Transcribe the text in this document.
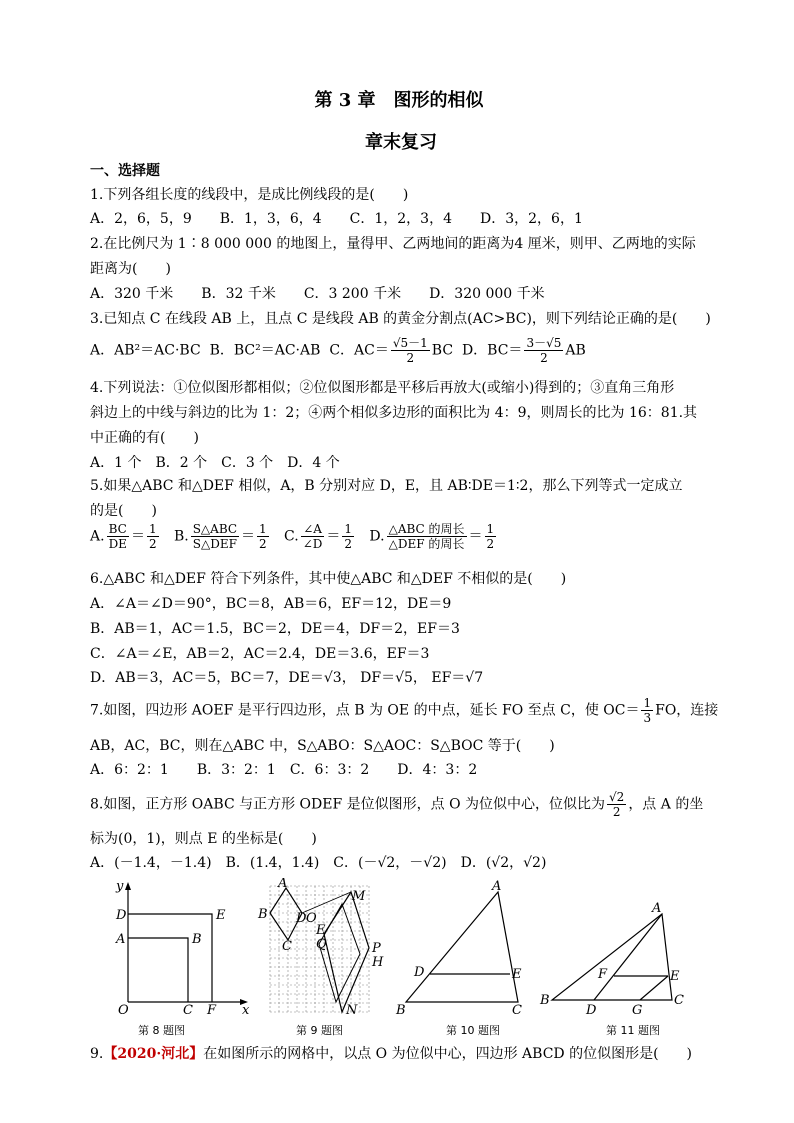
第 3 章　图形的相似
章末复习
一、选择题
1.下列各组长度的线段中，是成比例线段的是(　　)
A．2，6，5，9　　B．1，3，6，4　　C．1，2，3，4　　D．3，2，6，1
2.在比例尺为 1∶8 000 000 的地图上，量得甲、乙两地间的距离为4 厘米，则甲、乙两地的实际
距离为(　　)
A．320 千米　　B．32 千米　　C．3 200 千米　　D．320 000 千米
3.已知点 C 在线段 AB 上，且点 C 是线段 AB 的黄金分割点(AC>BC)，则下列结论正确的是(　　)
A．AB²＝AC·BC B．BC²＝AC·AB C．$AC= \frac{√5-1}{2}$ BC D．$BC= \frac{3-√5}{2}$ AB
4.下列说法：①位似图形都相似；②位似图形都是平移后再放大(或缩小)得到的；③直角三角形
斜边上的中线与斜边的比为 1：2；④两个相似多边形的面积比为 4：9，则周长的比为 16：81.其
中正确的有(　　)
A．1 个　B．2 个　C．3 个　D．4 个
5.如果△ABC 和△DEF 相似，A，B 分别对应 D，E，且 AB∶DE＝1∶2，那么下列等式一定成立
的是(　　)
A. $\frac{BC}{DE} = \frac{1}{2} B$. $\frac{\text{S△ABC}}{\text{S△DEF}} = \frac{1}{2} C$. $\frac{\angle A}{\angle D} = \frac{1}{2} D$. $\frac{\text{△ABC 的周长}}{\text{△DEF 的周长}} = \frac{1}{2}$
6.△ABC 和△DEF 符合下列条件，其中使△ABC 和△DEF 不相似的是(　　)
A．∠A＝∠D＝90°，BC＝8，AB＝6，EF＝12，DE＝9
B．AB＝1，AC＝1.5，BC＝2，DE＝4，DF＝2，EF＝3
C．∠A＝∠E，AB＝2，AC＝2.4，DE＝3.6，EF＝3
D．AB＝3，AC＝5，BC＝7，DE＝√3， DF＝√5， EF＝√7
7.如图，四边形 AOEF 是平行四边形，点 B 为 OE 的中点，延长 FO 至点 C，使 $OC= \frac{1}{3}$ FO，连接
AB，AC，BC，则在△ABC 中，S△ABO：S△AOC：S△BOC 等于(　　)
A．6：2：1　　B．3：2：1　C．6：3：2　　D．4：3：2
8.如图，正方形 OABC 与正方形 ODEF 是位似图形，点 O 为位似中心，位似比为 $\frac{√2}{2}$ ，点 A 的坐
标为(0，1)，则点 E 的坐标是(　　)
A．(－1.4，－1.4)　B．(1.4，1.4)　C．(－√2，－√2)　D．(√2，√2)
y
x
D	E
A	B
O	C F
A
B
C
D O
E
Q
M
P
H
N
A
D	E
B	C
A
F	E
B
D	G
C
第 8 题图	第 9 题图	第 10 题图	第 11 题图
9.【2020·河北】在如图所示的网格中，以点 O 为位似中心，四边形 ABCD 的位似图形是(　　)
